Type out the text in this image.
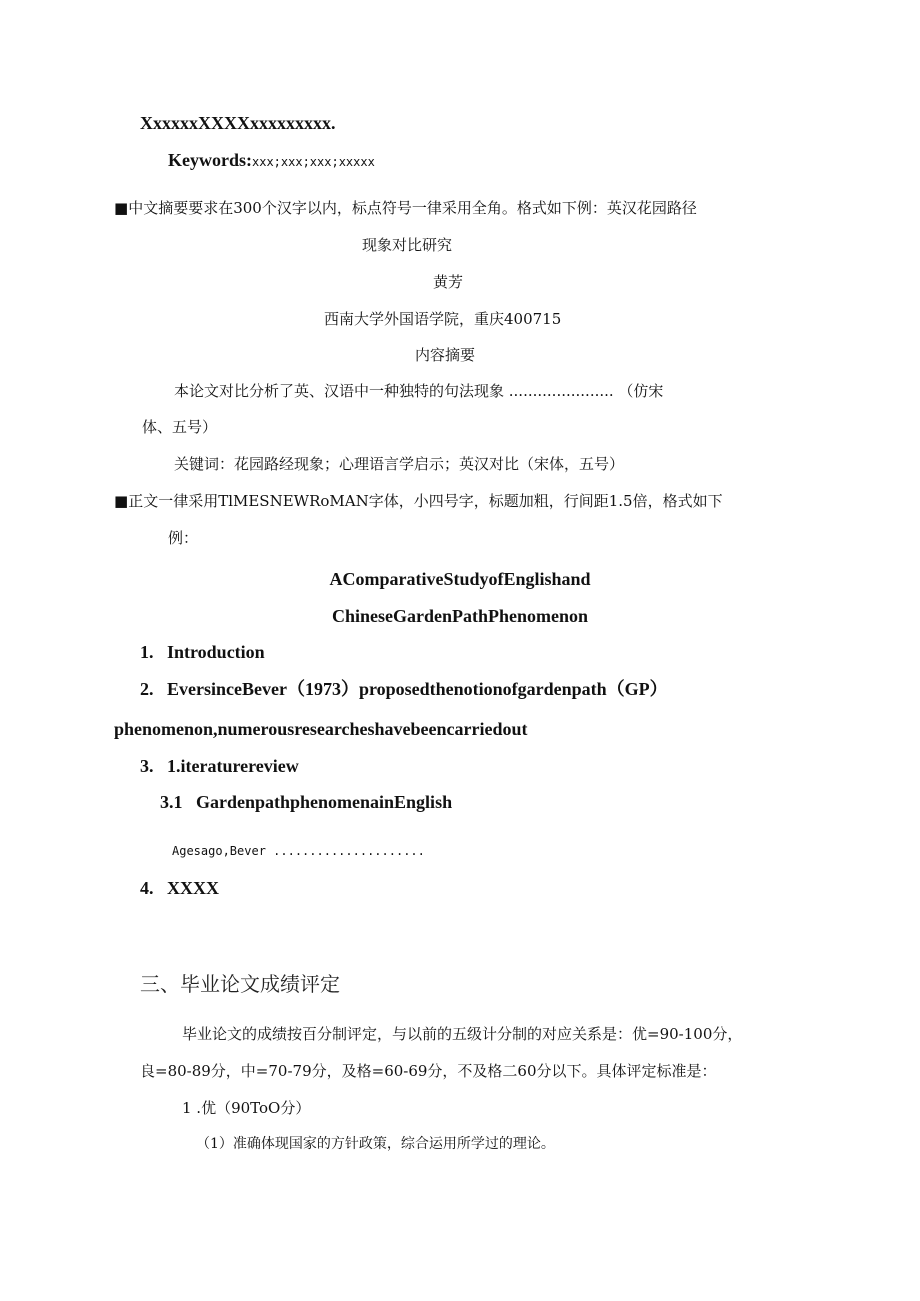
XxxxxxXXXXxxxxxxxxx.
Keywords:xxx;xxx;xxx;xxxxx
■中文摘要要求在300个汉字以内，标点符号一律采用全角。格式如下例：英汉花园路径
现象对比研究
黄芳
西南大学外国语学院，重庆400715
内容摘要
本论文对比分析了英、汉语中一种独特的句法现象 ...................... （仿宋
体、五号）
关键词：花园路经现象；心理语言学启示；英汉对比（宋体，五号）
■正文一律采用TlMESNEWRoMAN字体，小四号字，标题加粗，行间距1.5倍，格式如下
例：
AComparativeStudyofEnglishand
ChineseGardenPathPhenomenon
1.   Introduction
2.   EversinceBever（1973）proposedthenotionofgardenpath（GP）
phenomenon,numerousresearcheshavebeencarriedout
3.   1.iteraturereview
3.1   GardenpathphenomenainEnglish
Agesago,Bever .....................
4.   XXXX
三、毕业论文成绩评定
毕业论文的成绩按百分制评定，与以前的五级计分制的对应关系是：优=90-100分，
良=80-89分，中=70-79分，及格=60-69分，不及格二60分以下。具体评定标准是：
1 .优（90ToO分）
（1）准确体现国家的方针政策，综合运用所学过的理论。
